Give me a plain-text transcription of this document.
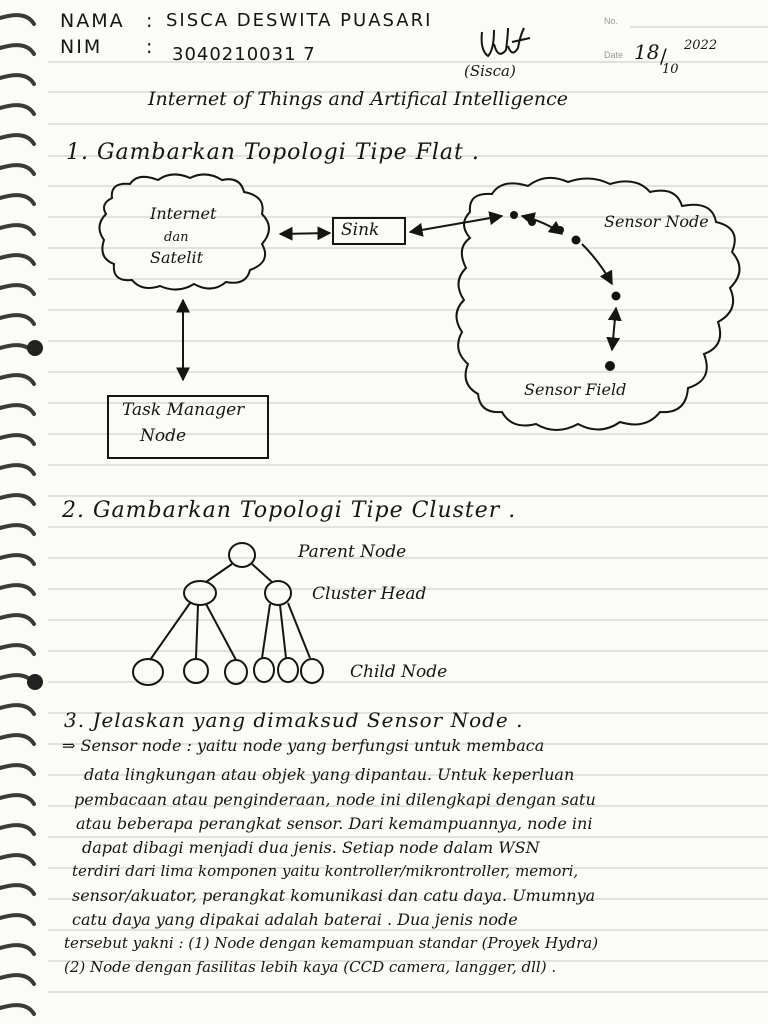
NAMA : SISCA DESWITA PUASARI
NIM : 3040210031 7
(Sisca)
No.
Date 18 /
10
2022
Internet of Things and Artifical Intelligence
1. Gambarkan Topologi Tipe Flat .
Internet
dan
Satelit
Sink	Sensor Node
Sensor Field
Task Manager
Node
2. Gambarkan Topologi Tipe Cluster .
Parent Node
Cluster Head
Child Node
3. Jelaskan yang dimaksud Sensor Node .
⇒ Sensor node : yaitu node yang berfungsi untuk membaca
data lingkungan atau objek yang dipantau. Untuk keperluan
pembacaan atau penginderaan, node ini dilengkapi dengan satu
atau beberapa perangkat sensor. Dari kemampuannya, node ini
dapat dibagi menjadi dua jenis. Setiap node dalam WSN
terdiri dari lima komponen yaitu kontroller/mikrontroller, memori,
sensor/akuator, perangkat komunikasi dan catu daya. Umumnya
catu daya yang dipakai adalah baterai . Dua jenis node
tersebut yakni : (1) Node dengan kemampuan standar (Proyek Hydra)
(2) Node dengan fasilitas lebih kaya (CCD camera, langger, dll) .
